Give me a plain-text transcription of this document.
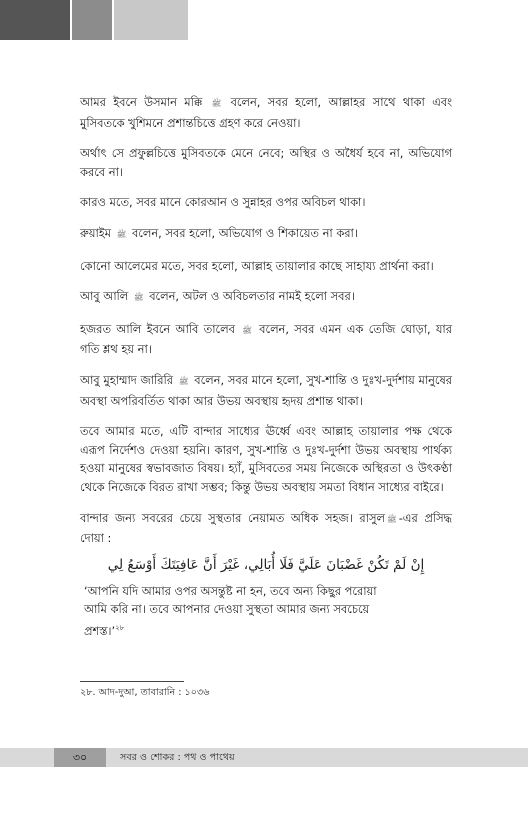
আমর ইবনে উসমান মক্কি ﷺ বলেন, সবর হলো, আল্লাহর সাথে থাকা এবং মুসিবতকে খুশিমনে প্রশান্তচিত্তে গ্রহণ করে নেওয়া।

অর্থাৎ সে প্রফুল্লচিত্তে মুসিবতকে মেনে নেবে; অস্থির ও অধৈর্য হবে না, অভিযোগ করবে না।

কারও মতে, সবর মানে কোরআন ও সুন্নাহর ওপর অবিচল থাকা।

রুয়াইম ﷺ বলেন, সবর হলো, অভিযোগ ও শিকায়েত না করা।

কোনো আলেমের মতে, সবর হলো, আল্লাহ তায়ালার কাছে সাহায্য প্রার্থনা করা।

আবু আলি ﷺ বলেন, অটল ও অবিচলতার নামই হলো সবর।

হজরত আলি ইবনে আবি তালেব ﷺ বলেন, সবর এমন এক তেজি ঘোড়া, যার গতি শ্লথ হয় না।

আবু মুহাম্মাদ জারিরি ﷺ বলেন, সবর মানে হলো, সুখ-শান্তি ও দুঃখ-দুর্দশায় মানুষের অবস্থা অপরিবর্তিত থাকা আর উভয় অবস্থায় হৃদয় প্রশান্ত থাকা।

তবে আমার মতে, এটি বান্দার সাধ্যের ঊর্ধ্বে এবং আল্লাহ তায়ালার পক্ষ থেকে এরূপ নির্দেশও দেওয়া হয়নি। কারণ, সুখ-শান্তি ও দুঃখ-দুর্দশা উভয় অবস্থায় পার্থক্য হওয়া মানুষের স্বভাবজাত বিষয়। হ্যাঁ, মুসিবতের সময় নিজেকে অস্থিরতা ও উৎকণ্ঠা থেকে নিজেকে বিরত রাখা সম্ভব; কিন্তু উভয় অবস্থায় সমতা বিধান সাধ্যের বাইরে।

বান্দার জন্য সবরের চেয়ে সুস্থতার নেয়ামত অধিক সহজ। রাসুল ﷺ -এর প্রসিদ্ধ দোয়া :

إِنْ لَمْ تَكُنْ غَضْبَانَ عَلَيَّ فَلَا أُبَالِي، غَيْرَ أَنَّ عَافِيَتَكَ أَوْسَعُ لِي

‘আপনি যদি আমার ওপর অসন্তুষ্ট না হন, তবে অন্য কিছুর পরোয়া আমি করি না। তবে আপনার দেওয়া সুস্থতা আমার জন্য সবচেয়ে প্রশস্ত।’$^{২৮}$

২৮. আদ-দুআ, তাবারানি : ১০৩৬
৩০	সবর ও শোকর : পথ ও পাথেয়
